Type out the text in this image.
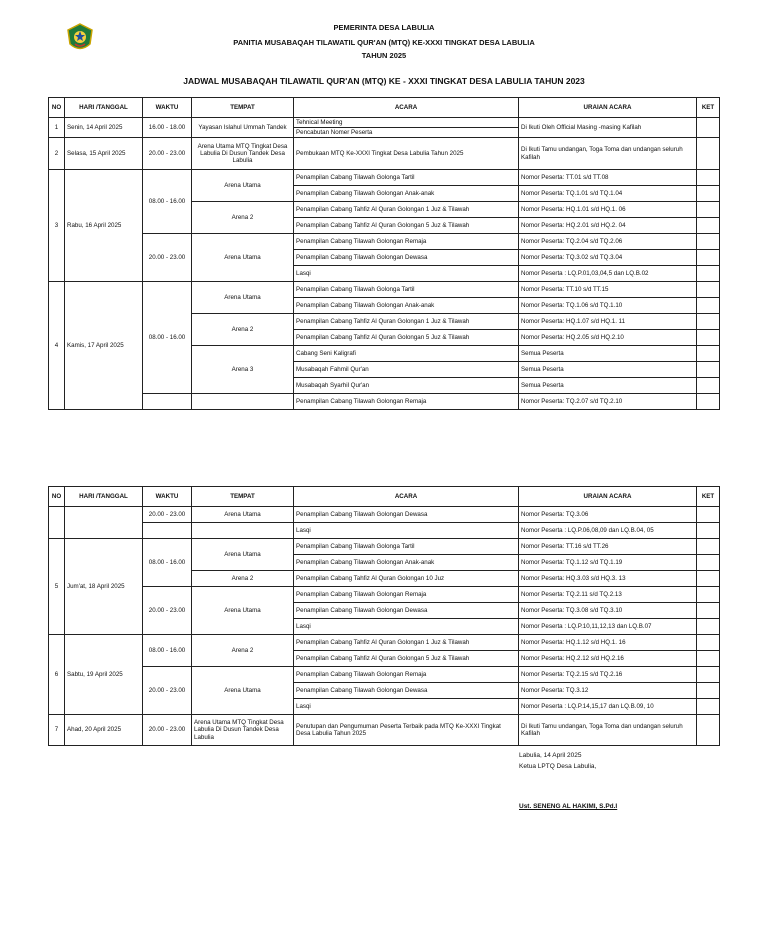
PEMERINTA DESA LABULIA
PANITIA MUSABAQAH TILAWATIL QUR'AN (MTQ) KE-XXXI TINGKAT DESA LABULIA
TAHUN 2025
JADWAL MUSABAQAH TILAWATIL QUR'AN (MTQ) KE - XXXI TINGKAT DESA LABULIA TAHUN 2023
NO	HARI /TANGGAL	WAKTU	TEMPAT	ACARA	URAIAN ACARA	KET
1	Senin, 14 April 2025	16.00 - 18.00	Yayasan Islahul Ummah Tandek	Tehnical Meeting	Di Ikuti Oleh Official Masing -masing Kafilah	
				Pencabutan Nomer Peserta		
2	Selasa, 15 April 2025	20.00 - 23.00	Arena Utama MTQ Tingkat Desa Labulia Di Dusun Tandek Desa Labulia	Pembukaan MTQ Ke-XXXI Tingkat Desa Labulia Tahun 2025	Di Ikuti Tamu undangan, Toga Toma dan undangan seluruh Kafilah	
3	Rabu, 16 April 2025	08.00 - 16.00	Arena Utama	Penampilan Cabang Tilawah Golonga Tartil	Nomor Peserta: TT.01 s/d TT.08	
				Penampilan Cabang Tilawah Golongan Anak-anak	Nomor Peserta: TQ.1.01 s/d TQ.1.04	
			Arena 2	Penampilan Cabang Tahfiz Al Quran Golongan 1 Juz & Tilawah	Nomor Peserta: HQ.1.01 s/d HQ.1. 06	
				Penampilan Cabang Tahfiz Al Quran Golongan 5 Juz & Tilawah	Nomor Peserta: HQ.2.01 s/d HQ.2. 04	
		20.00 - 23.00	Arena Utama	Penampilan Cabang Tilawah Golongan Remaja	Nomor Peserta: TQ.2.04 s/d TQ.2.06	
				Penampilan Cabang Tilawah Golongan Dewasa	Nomor Peserta: TQ.3.02 s/d TQ.3.04	
				Lasqi	Nomor Peserta : LQ.P.01,03,04,5 dan LQ.B.02	
4	Kamis, 17 April 2025	08.00 - 16.00	Arena Utama	Penampilan Cabang Tilawah Golonga Tartil	Nomor Peserta: TT.10 s/d TT.15	
				Penampilan Cabang Tilawah Golongan Anak-anak	Nomor Peserta: TQ.1.06 s/d TQ.1.10	
			Arena 2	Penampilan Cabang Tahfiz Al Quran Golongan 1 Juz & Tilawah	Nomor Peserta: HQ.1.07 s/d HQ.1. 11	
				Penampilan Cabang Tahfiz Al Quran Golongan 5 Juz & Tilawah	Nomor Peserta: HQ.2.05 s/d HQ.2.10	
			Arena 3	Cabang Seni Kaligrafi	Semua Peserta	
				Musabaqah Fahmil Qur'an	Semua Peserta	
				Musabaqah Syarhil Qur'an	Semua Peserta	
				Penampilan Cabang Tilawah Golongan Remaja	Nomor Peserta: TQ.2.07 s/d TQ.2.10	
NO	HARI /TANGGAL	WAKTU	TEMPAT	ACARA	URAIAN ACARA	KET
		20.00 - 23.00	Arena Utama	Penampilan Cabang Tilawah Golongan Dewasa	Nomor Peserta: TQ.3.06	
				Lasqi	Nomor Peserta : LQ.P.06,08,09 dan LQ.B.04, 05	
5	Jum'at, 18 April 2025	08.00 - 16.00	Arena Utama	Penampilan Cabang Tilawah Golonga Tartil	Nomor Peserta: TT.16 s/d TT.26	
				Penampilan Cabang Tilawah Golongan Anak-anak	Nomor Peserta: TQ.1.12 s/d TQ.1.19	
			Arena 2	Penampilan Cabang Tahfiz Al Quran Golongan 10 Juz	Nomor Peserta: HQ.3.03 s/d HQ.3. 13	
		20.00 - 23.00	Arena Utama	Penampilan Cabang Tilawah Golongan Remaja	Nomor Peserta: TQ.2.11 s/d TQ.2.13	
				Penampilan Cabang Tilawah Golongan Dewasa	Nomor Peserta: TQ.3.08 s/d TQ.3.10	
				Lasqi	Nomor Peserta : LQ.P.10,11,12,13 dan LQ.B.07	
6	Sabtu, 19 April 2025	08.00 - 16.00	Arena 2	Penampilan Cabang Tahfiz Al Quran Golongan 1 Juz & Tilawah	Nomor Peserta: HQ.1.12 s/d HQ.1. 16	
				Penampilan Cabang Tahfiz Al Quran Golongan 5 Juz & Tilawah	Nomor Peserta: HQ.2.12 s/d HQ.2.16	
		20.00 - 23.00	Arena Utama	Penampilan Cabang Tilawah Golongan Remaja	Nomor Peserta: TQ.2.15 s/d TQ.2.16	
				Penampilan Cabang Tilawah Golongan Dewasa	Nomor Peserta: TQ.3.12	
				Lasqi	Nomor Peserta : LQ.P.14,15,17 dan LQ.B.09, 10	
7	Ahad, 20 April 2025	20.00 - 23.00	Arena Utama MTQ Tingkat Desa Labulia Di Dusun Tandek Desa Labulia	Penutupan dan Pengumuman Peserta Terbaik pada MTQ Ke-XXXI Tingkat Desa Labulia Tahun 2025	Di Ikuti Tamu undangan, Toga Toma dan undangan seluruh Kafilah	
Labulia, 14 April 2025
Ketua LPTQ Desa Labulia,
Ust. SENENG AL HAKIMI, S.Pd.I
